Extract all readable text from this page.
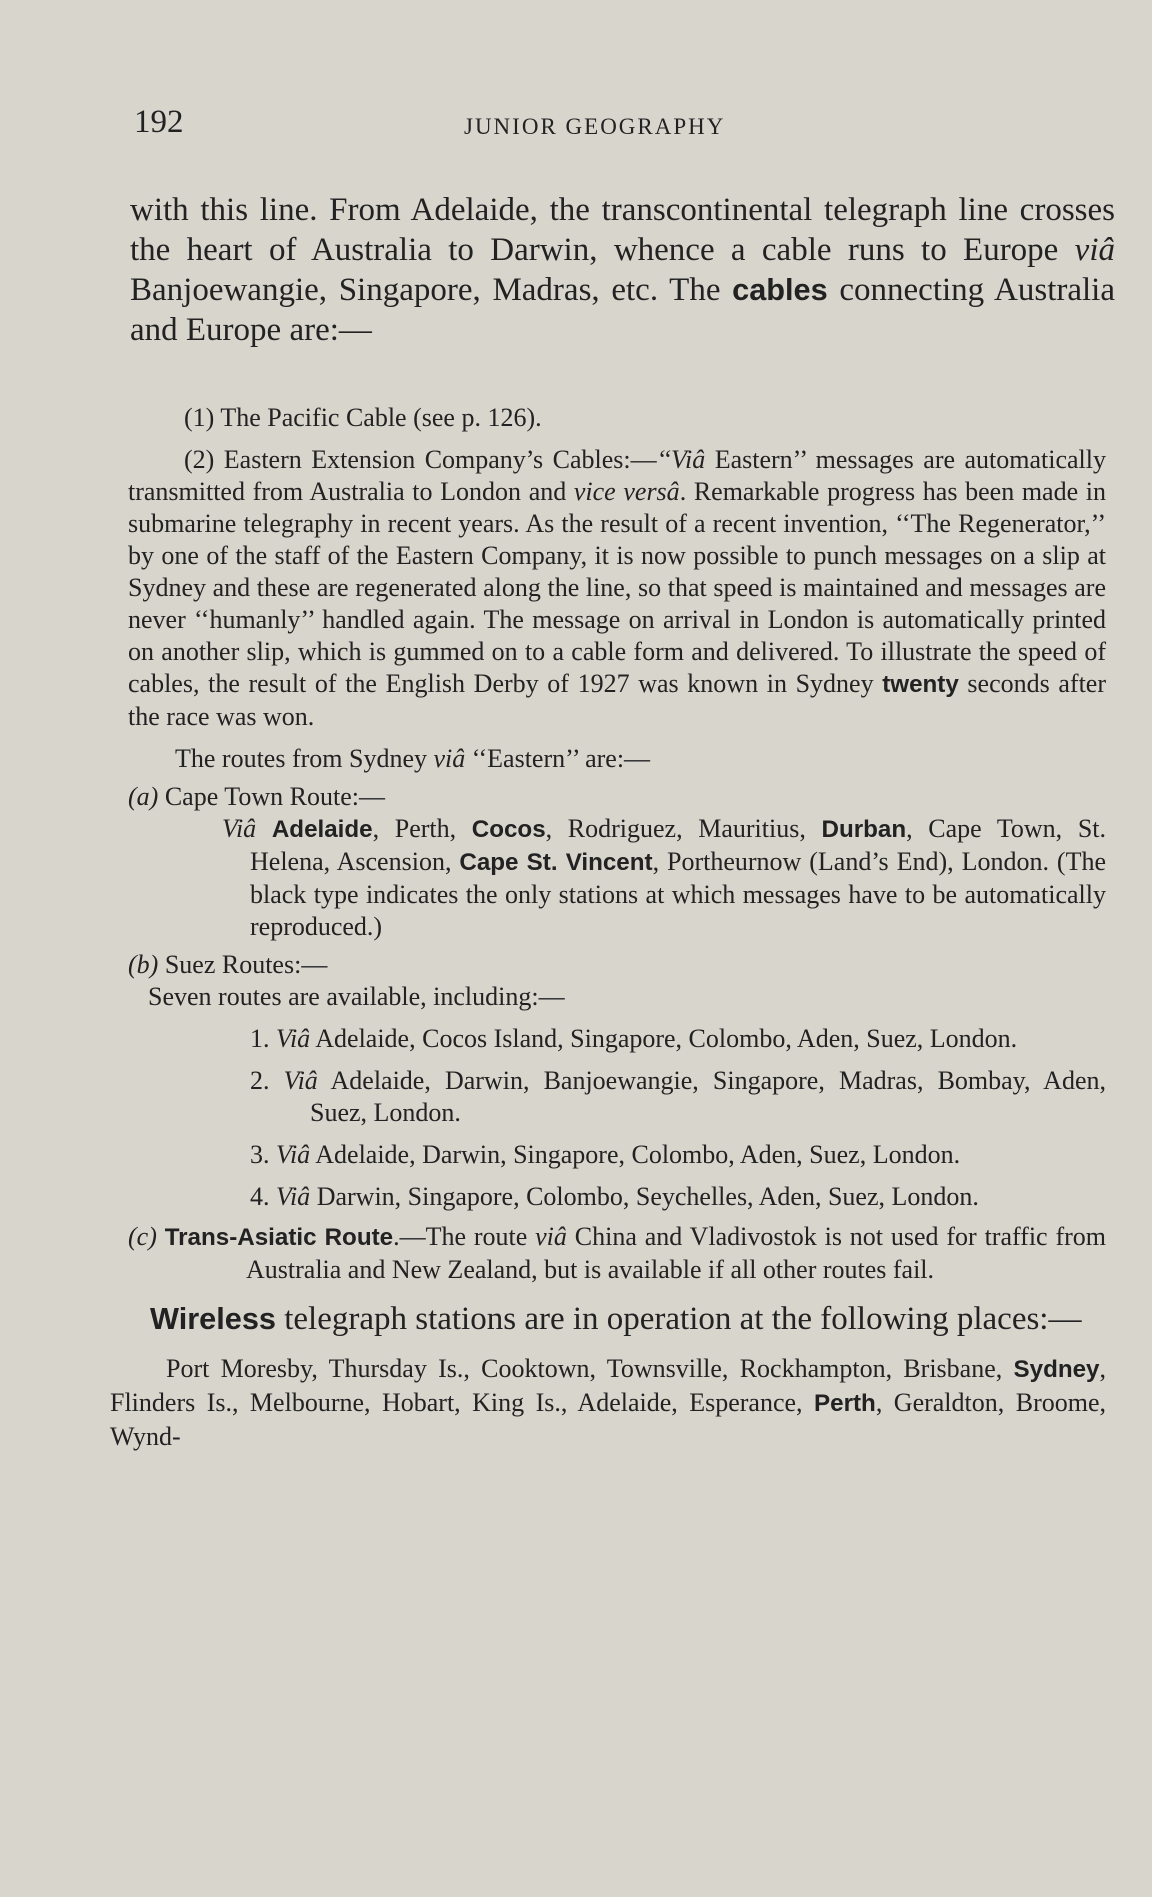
192	JUNIOR GEOGRAPHY
with this line. From Adelaide, the transcontinental telegraph line crosses the heart of Australia to Darwin, whence a cable runs to Europe viâ Banjoewangie, Singapore, Madras, etc. The cables connecting Australia and Europe are:—
(1) The Pacific Cable (see p. 126).

(2) Eastern Extension Company’s Cables:—‘‘Viâ Eastern’’ messages are automatically transmitted from Australia to London and vice versâ. Remarkable progress has been made in submarine telegraphy in recent years. As the result of a recent invention, ‘‘The Regenerator,’’ by one of the staff of the Eastern Company, it is now possible to punch messages on a slip at Sydney and these are regenerated along the line, so that speed is maintained and messages are never ‘‘humanly’’ handled again. The message on arrival in London is automatically printed on another slip, which is gummed on to a cable form and delivered. To illustrate the speed of cables, the result of the English Derby of 1927 was known in Sydney twenty seconds after the race was won.

The routes from Sydney viâ ‘‘Eastern’’ are:—
(a) Cape Town Route:—
Viâ Adelaide, Perth, Cocos, Rodriguez, Mauritius, Durban, Cape Town, St. Helena, Ascension, Cape St. Vincent, Portheurnow (Land’s End), London. (The black type indicates the only stations at which messages have to be automatically reproduced.)
(b) Suez Routes:—
Seven routes are available, including:—
1. Viâ Adelaide, Cocos Island, Singapore, Colombo, Aden, Suez, London.
2. Viâ Adelaide, Darwin, Banjoewangie, Singapore, Madras, Bombay, Aden, Suez, London.
3. Viâ Adelaide, Darwin, Singapore, Colombo, Aden, Suez, London.
4. Viâ Darwin, Singapore, Colombo, Seychelles, Aden, Suez, London.
(c) Trans-Asiatic Route.—The route viâ China and Vladivostok is not used for traffic from Australia and New Zealand, but is available if all other routes fail.
Wireless telegraph stations are in operation at the following places:—
Port Moresby, Thursday Is., Cooktown, Townsville, Rockhampton, Brisbane, Sydney, Flinders Is., Melbourne, Hobart, King Is., Adelaide, Esperance, Perth, Geraldton, Broome, Wynd-
